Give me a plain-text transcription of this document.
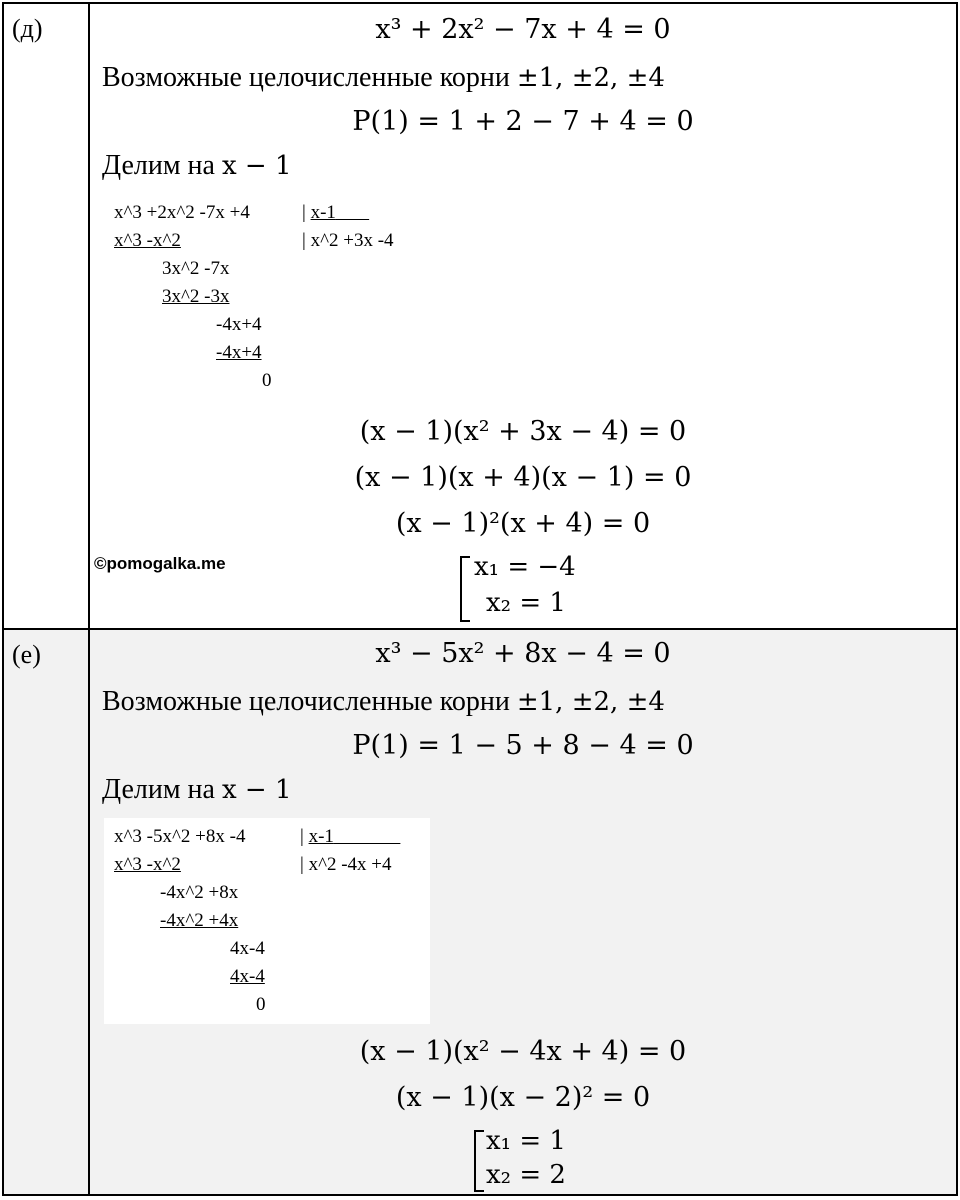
(д)	x³ + 2x² − 7x + 4 = 0
Возможные целочисленные корни ±1, ±2, ±4
P(1) = 1 + 2 − 7 + 4 = 0
Делим на x − 1
x^3 +2x^2 -7x +4	| x-1
x^3 -x^2	| x^2 +3x -4
3x^2 -7x
3x^2 -3x
-4x+4
-4x+4
0
(x − 1)(x² + 3x − 4) = 0
(x − 1)(x + 4)(x − 1) = 0
(x − 1)²(x + 4) = 0
©pomogalka.me	x₁ = −4
x₂ = 1
(е)	x³ − 5x² + 8x − 4 = 0
Возможные целочисленные корни ±1, ±2, ±4
P(1) = 1 − 5 + 8 − 4 = 0
Делим на x − 1
x^3 -5x^2 +8x -4	| x-1
x^3 -x^2	| x^2 -4x +4
-4x^2 +8x
-4x^2 +4x
4x-4
4x-4
0
(x − 1)(x² − 4x + 4) = 0
(x − 1)(x − 2)² = 0
x₁ = 1
x₂ = 2
